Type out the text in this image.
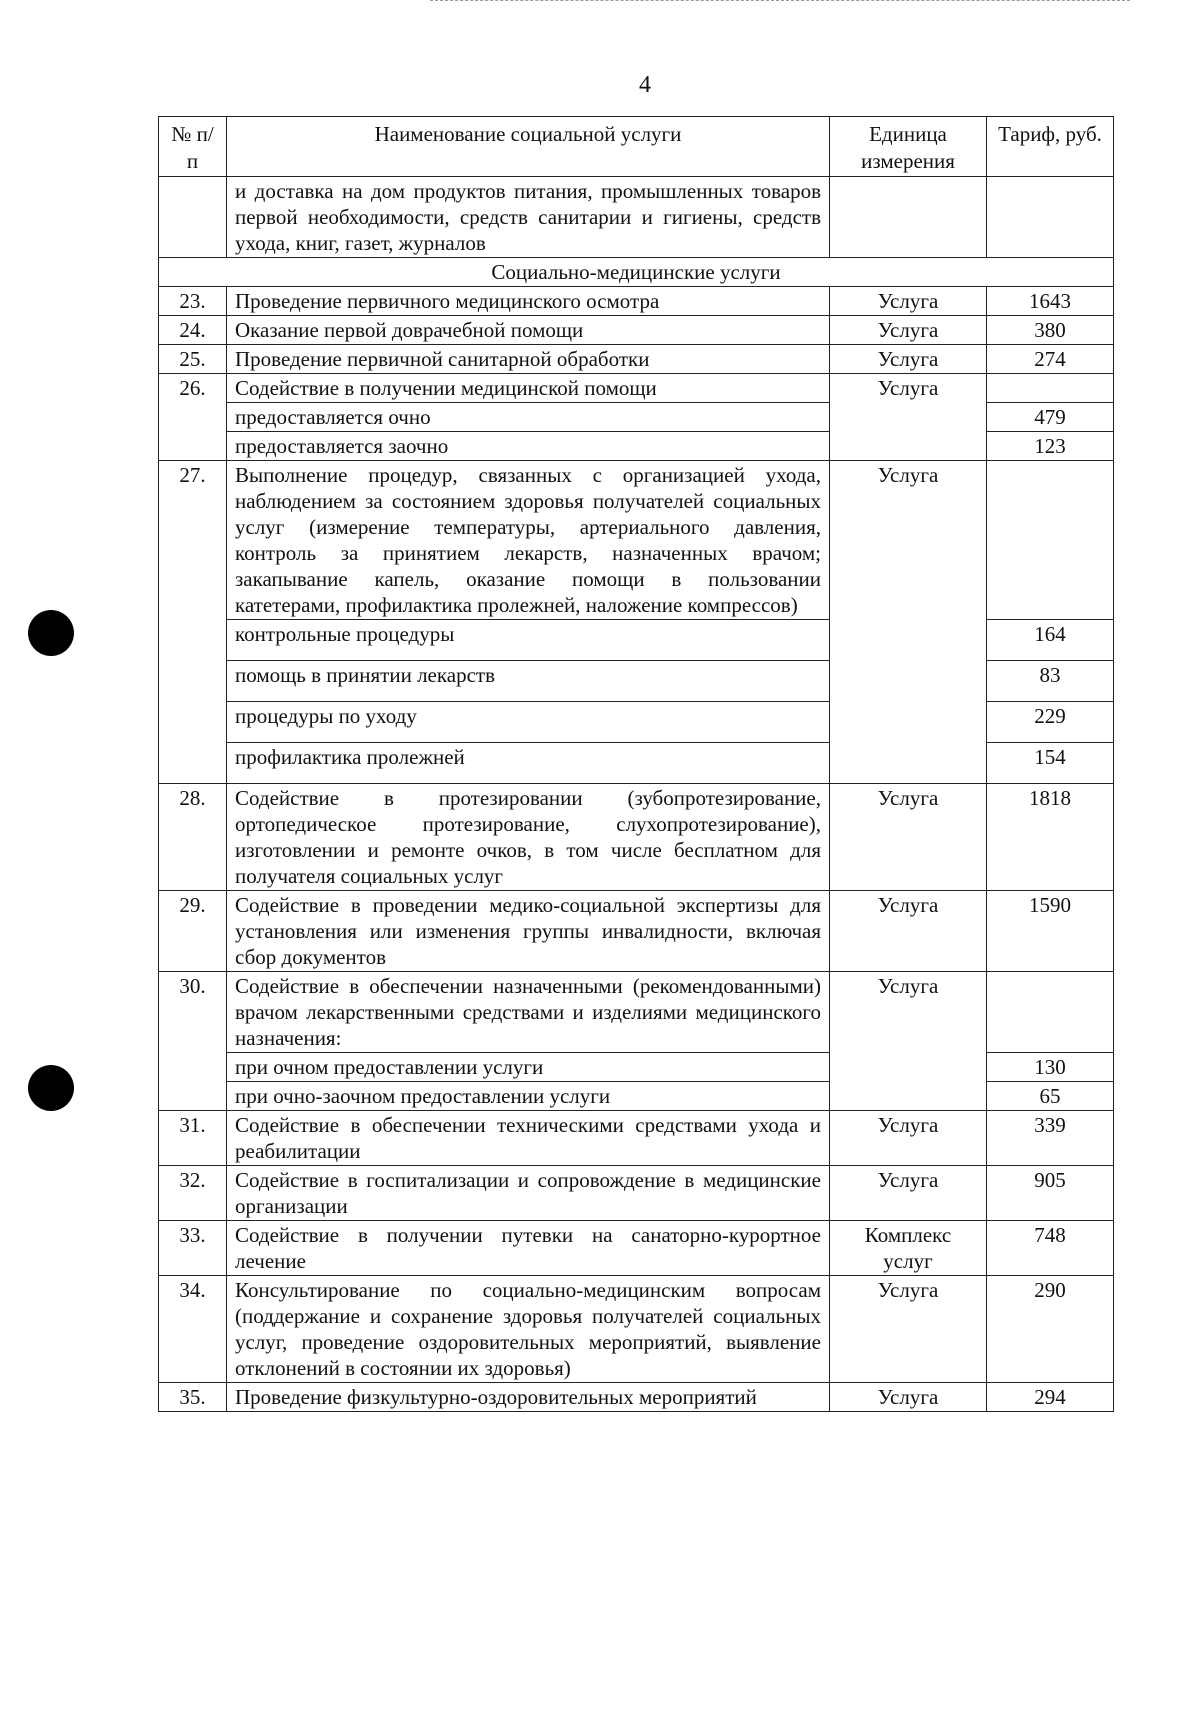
4
№ п/п	Наименование социальной услуги	Единица измерения	Тариф, руб.
	и доставка на дом продуктов питания, промышленных товаров первой необходимости, средств санитарии и гигиены, средств ухода, книг, газет, журналов		
Социально-медицинские услуги			
23.	Проведение первичного медицинского осмотра	Услуга	1643
24.	Оказание первой доврачебной помощи	Услуга	380
25.	Проведение первичной санитарной обработки	Услуга	274
26.	Содействие в получении медицинской помощи	Услуга	
	предоставляется очно		479
	предоставляется заочно		123
27.	Выполнение процедур, связанных с организацией ухода, наблюдением за состоянием здоровья получателей социальных услуг (измерение температуры, артериального давления, контроль за принятием лекарств, назначенных врачом; закапывание капель, оказание помощи в пользовании катетерами, профилактика пролежней, наложение компрессов)	Услуга	
	контрольные процедуры		164
	помощь в принятии лекарств		83
	процедуры по уходу		229
	профилактика пролежней		154
28.	Содействие в протезировании (зубопротезирование, ортопедическое протезирование, слухопротезирование), изготовлении и ремонте очков, в том числе бесплатном для получателя социальных услуг	Услуга	1818
29.	Содействие в проведении медико-социальной экспертизы для установления или изменения группы инвалидности, включая сбор документов	Услуга	1590
30.	Содействие в обеспечении назначенными (рекомендованными) врачом лекарственными средствами и изделиями медицинского назначения:	Услуга	
	при очном предоставлении услуги		130
	при очно-заочном предоставлении услуги		65
31.	Содействие в обеспечении техническими средствами ухода и реабилитации	Услуга	339
32.	Содействие в госпитализации и сопровождение в медицинские организации	Услуга	905
33.	Содействие в получении путевки на санаторно-курортное лечение	Комплекс услуг	748
34.	Консультирование по социально-медицинским вопросам (поддержание и сохранение здоровья получателей социальных услуг, проведение оздоровительных мероприятий, выявление отклонений в состоянии их здоровья)	Услуга	290
35.	Проведение физкультурно-оздоровительных мероприятий	Услуга	294
